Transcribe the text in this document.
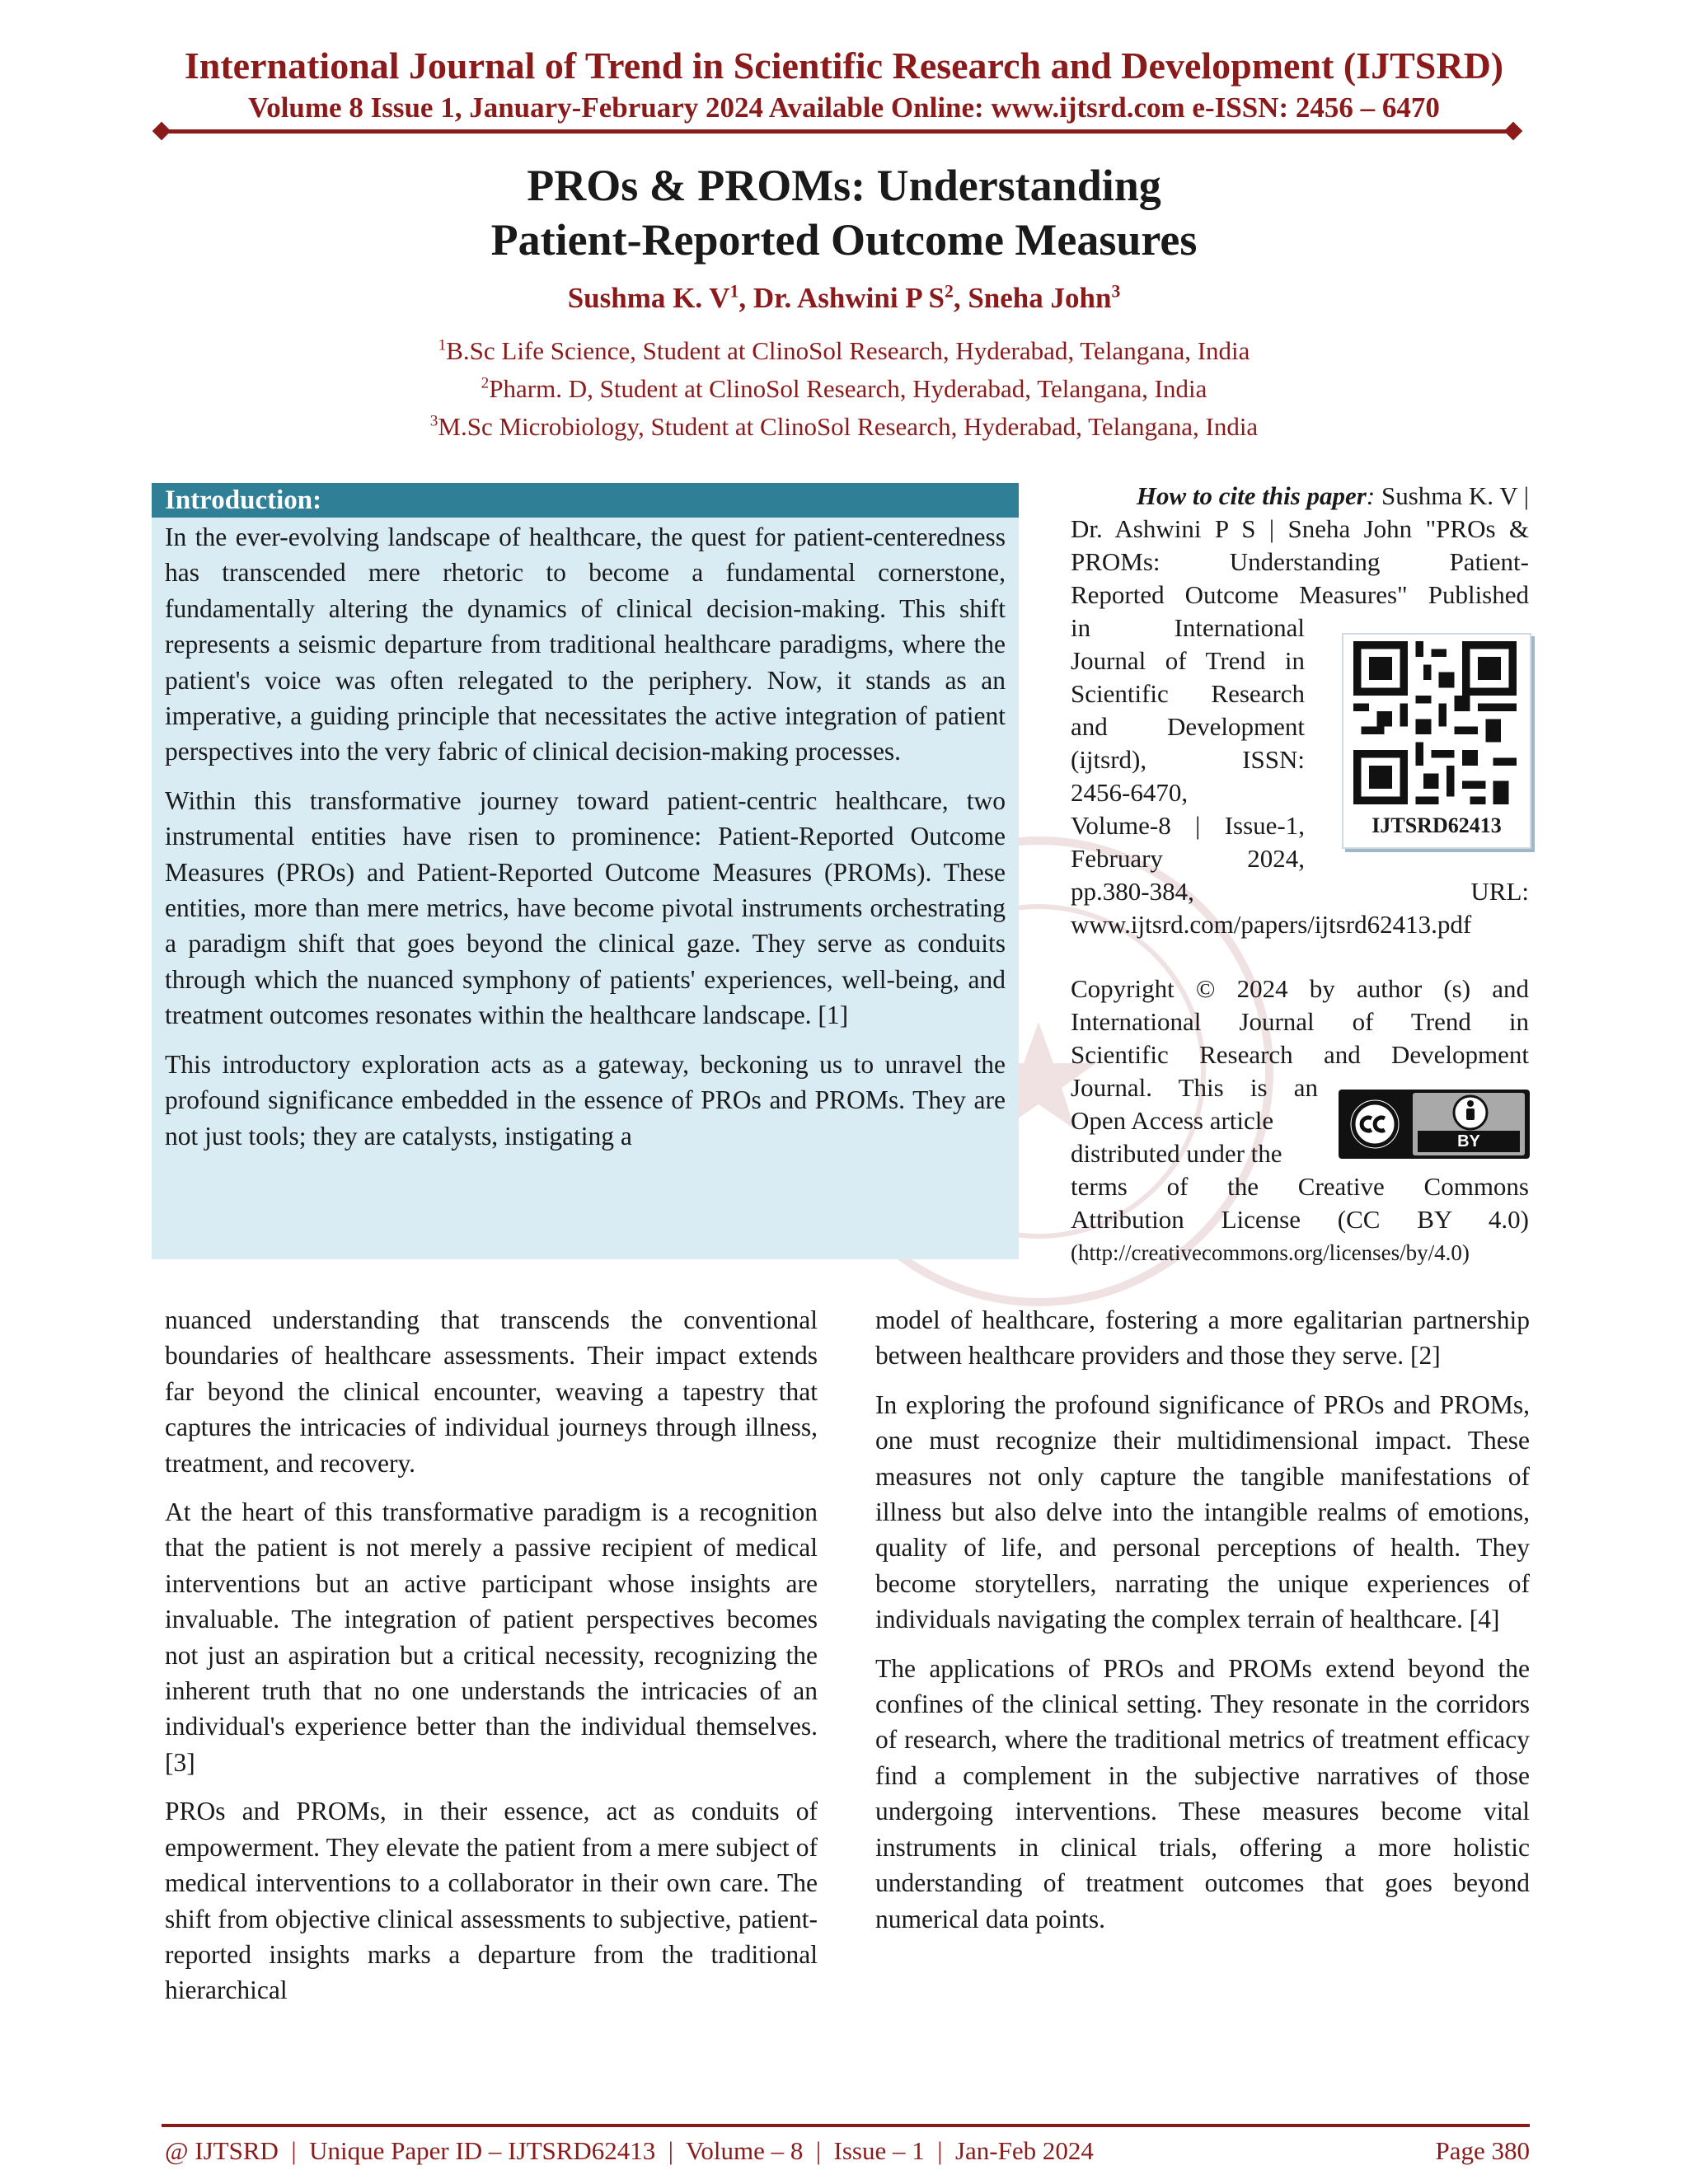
International Journal of Trend in Scientific Research and Development (IJTSRD)
Volume 8 Issue 1, January-February 2024 Available Online: www.ijtsrd.com e-ISSN: 2456 – 6470
PROs & PROMs: Understanding
Patient-Reported Outcome Measures
Sushma K. $V^1$, Dr. Ashwini P $S^2$, Sneha John$^3$
$^1$B.Sc Life Science, Student at ClinoSol Research, Hyderabad, Telangana, India
$^2$Pharm. D, Student at ClinoSol Research, Hyderabad, Telangana, India
$^3$M.Sc Microbiology, Student at ClinoSol Research, Hyderabad, Telangana, India
Introduction:

In the ever-evolving landscape of healthcare, the quest for patient-centeredness has transcended mere rhetoric to become a fundamental cornerstone, fundamentally altering the dynamics of clinical decision-making. This shift represents a seismic departure from traditional healthcare paradigms, where the patient's voice was often relegated to the periphery. Now, it stands as an imperative, a guiding principle that necessitates the active integration of patient perspectives into the very fabric of clinical decision-making processes.

Within this transformative journey toward patient-centric healthcare, two instrumental entities have risen to prominence: Patient-Reported Outcome Measures (PROs) and Patient-Reported Outcome Measures (PROMs). These entities, more than mere metrics, have become pivotal instruments orchestrating a paradigm shift that goes beyond the clinical gaze. They serve as conduits through which the nuanced symphony of patients' experiences, well-being, and treatment outcomes resonates within the healthcare landscape. [1]

This introductory exploration acts as a gateway, beckoning us to unravel the profound significance embedded in the essence of PROs and PROMs. They are not just tools; they are catalysts, instigating a

How to cite this paper: Sushma K. V |
Dr. Ashwini P S | Sneha John "PROs &
PROMs: Understanding Patient-
Reported Outcome Measures" Published
in International
Journal of Trend in
Scientific Research
and Development
(ijtsrd), ISSN:
2456-6470,
Volume-8 | Issue-1,
February 2024,
pp.380-384,	URL:
www.ijtsrd.com/papers/ijtsrd62413.pdf
IJTSRD62413
Copyright © 2024 by author (s) and
International Journal of Trend in
Scientific Research and Development
Journal. This is an
Open Access article
distributed under the
terms of the Creative Commons
Attribution License (CC BY 4.0)
(http://creativecommons.org/licenses/by/4.0)
BY

nuanced understanding that transcends the conventional boundaries of healthcare assessments. Their impact extends far beyond the clinical encounter, weaving a tapestry that captures the intricacies of individual journeys through illness, treatment, and recovery.

At the heart of this transformative paradigm is a recognition that the patient is not merely a passive recipient of medical interventions but an active participant whose insights are invaluable. The integration of patient perspectives becomes not just an aspiration but a critical necessity, recognizing the inherent truth that no one understands the intricacies of an individual's experience better than the individual themselves. [3]

PROs and PROMs, in their essence, act as conduits of empowerment. They elevate the patient from a mere subject of medical interventions to a collaborator in their own care. The shift from objective clinical assessments to subjective, patient-reported insights marks a departure from the traditional hierarchical

model of healthcare, fostering a more egalitarian partnership between healthcare providers and those they serve. [2]

In exploring the profound significance of PROs and PROMs, one must recognize their multidimensional impact. These measures not only capture the tangible manifestations of illness but also delve into the intangible realms of emotions, quality of life, and personal perceptions of health. They become storytellers, narrating the unique experiences of individuals navigating the complex terrain of healthcare. [4]

The applications of PROs and PROMs extend beyond the confines of the clinical setting. They resonate in the corridors of research, where the traditional metrics of treatment efficacy find a complement in the subjective narratives of those undergoing interventions. These measures become vital instruments in clinical trials, offering a more holistic understanding of treatment outcomes that goes beyond numerical data points.

@ IJTSRD  |  Unique Paper ID – IJTSRD62413  |  Volume – 8  |  Issue – 1  |  Jan-Feb 2024	Page 380
